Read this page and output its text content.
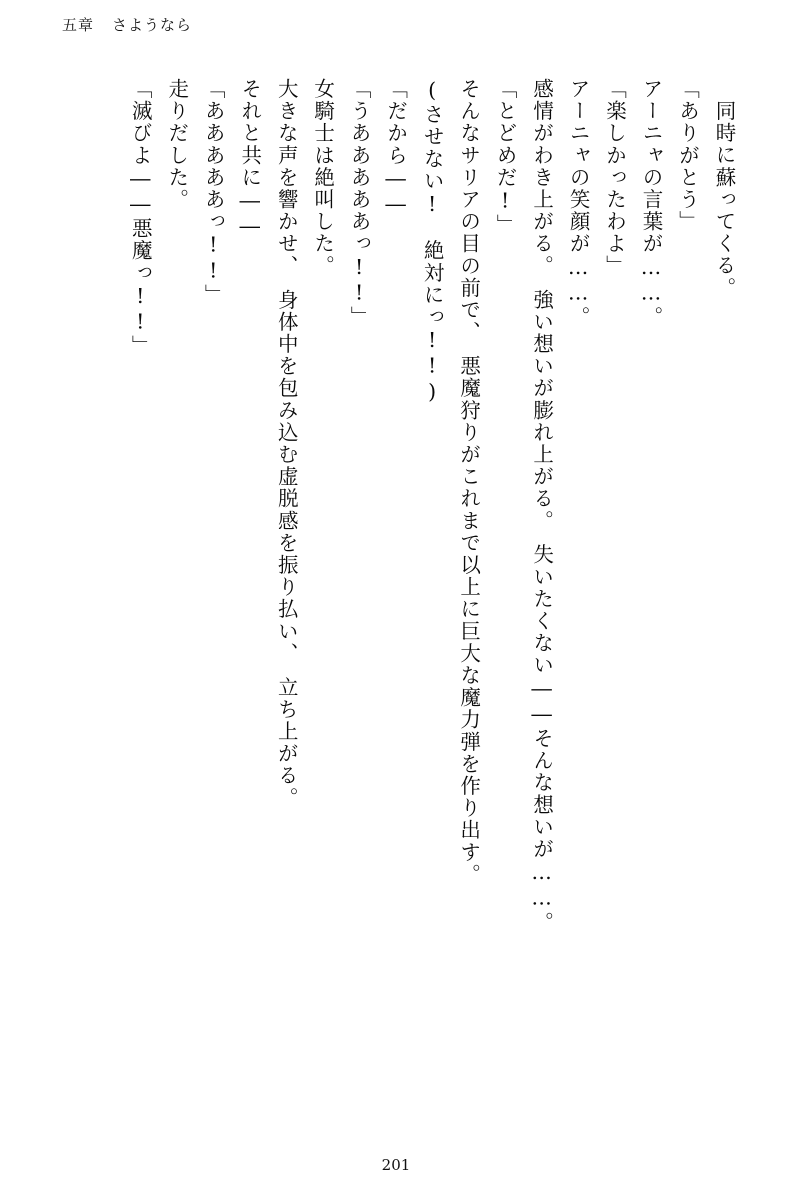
五章 さようなら
同時に蘇ってくる。
「ありがとう」
アーニャの言葉が……。
「楽しかったわよ」
アーニャの笑顔が……。
感情がわき上がる。　強い想いが膨れ上がる。　失いたくない――そんな想いが……。
「とどめだ!」
そんなサリアの目の前で、　悪魔狩りがこれまで以上に巨大な魔力弾を作り出す。
(させない!　絶対にっ!!)
「だから――
「うあああああっ!!」
女騎士は絶叫した。
大きな声を響かせ、　身体中を包み込む虚脱感を振り払い、　立ち上がる。
それと共に――
「あああああっ!!」
走りだした。
「滅びよ――悪魔っ!!」
201
